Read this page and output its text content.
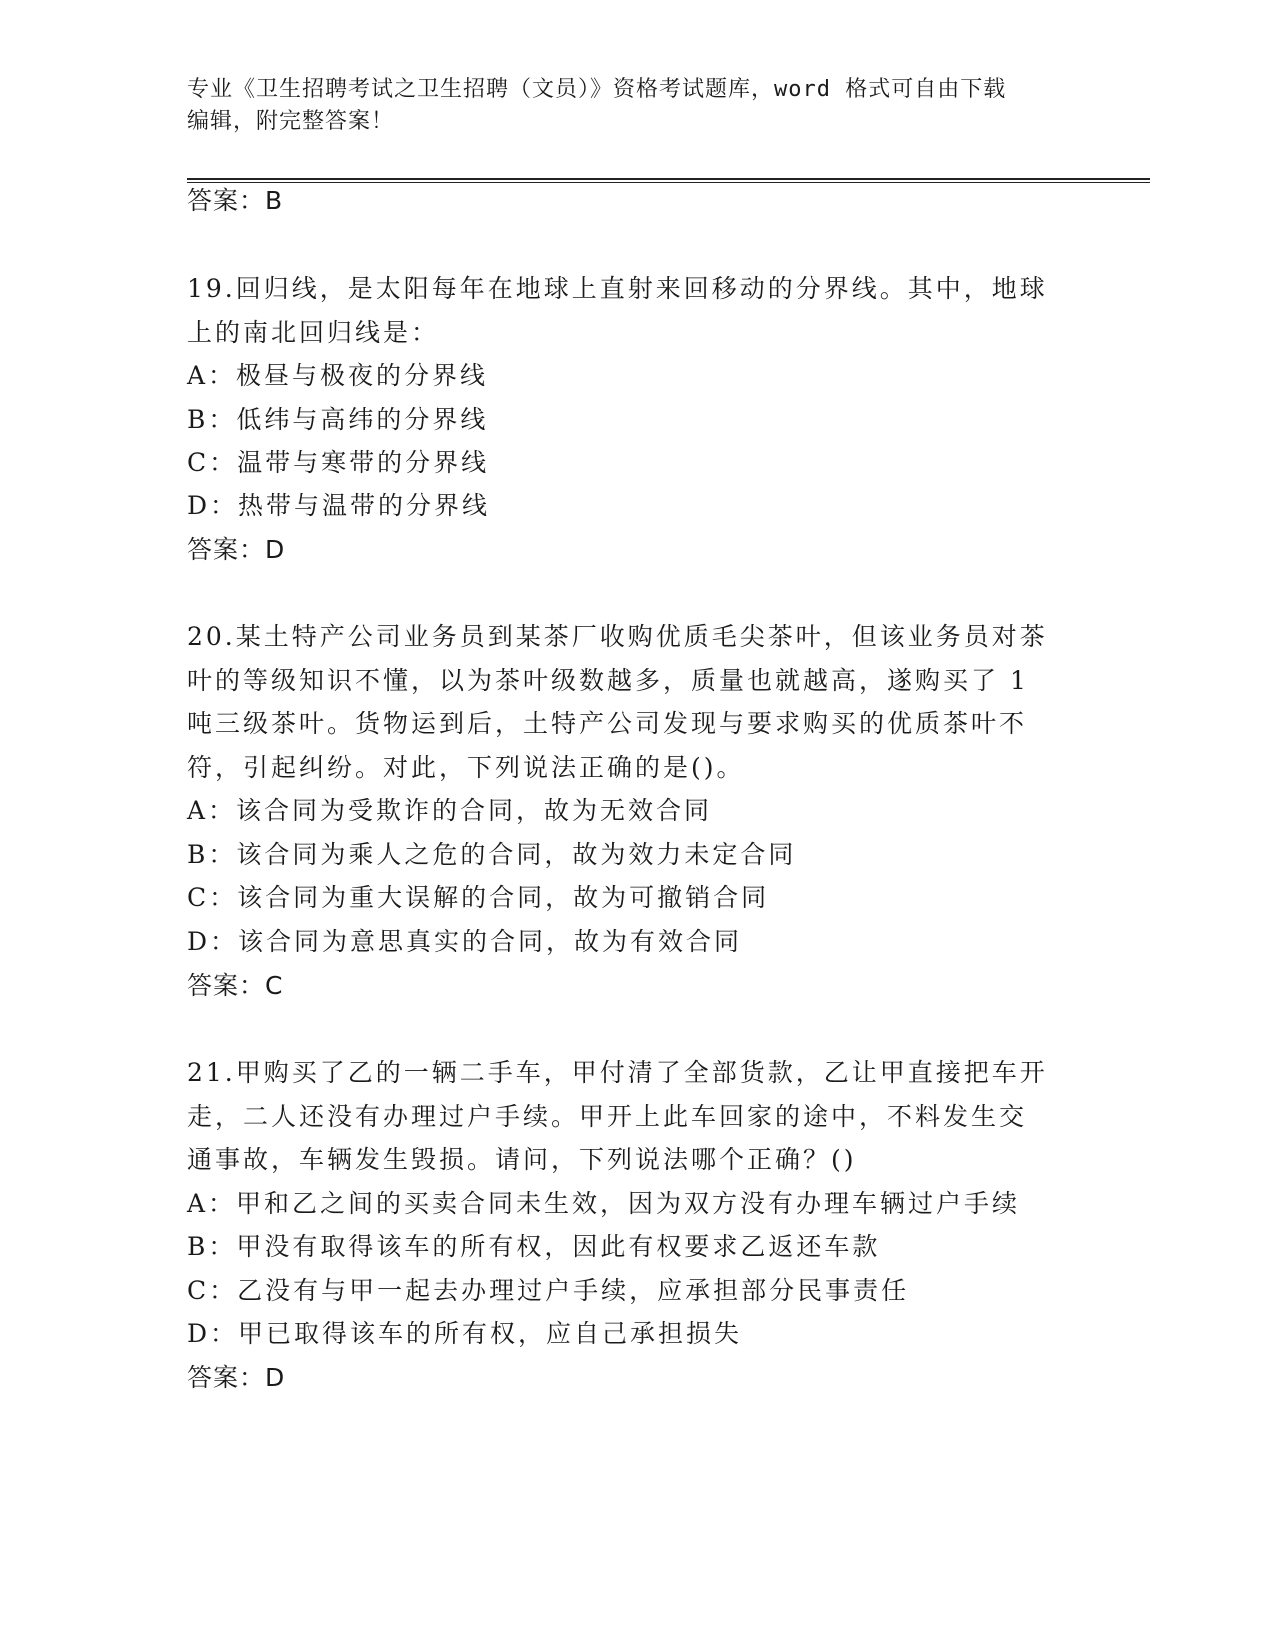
专业《卫生招聘考试之卫生招聘（文员）》资格考试题库，word 格式可自由下载
编辑，附完整答案！
答案：B
19.回归线，是太阳每年在地球上直射来回移动的分界线。其中，地球
上的南北回归线是：
A：极昼与极夜的分界线
B：低纬与高纬的分界线
C：温带与寒带的分界线
D：热带与温带的分界线
答案：D
20.某土特产公司业务员到某茶厂收购优质毛尖茶叶，但该业务员对茶
叶的等级知识不懂，以为茶叶级数越多，质量也就越高，遂购买了 1
吨三级茶叶。货物运到后，土特产公司发现与要求购买的优质茶叶不
符，引起纠纷。对此，下列说法正确的是()。
A：该合同为受欺诈的合同，故为无效合同
B：该合同为乘人之危的合同，故为效力未定合同
C：该合同为重大误解的合同，故为可撤销合同
D：该合同为意思真实的合同，故为有效合同
答案：C
21.甲购买了乙的一辆二手车，甲付清了全部货款，乙让甲直接把车开
走，二人还没有办理过户手续。甲开上此车回家的途中，不料发生交
通事故，车辆发生毁损。请问，下列说法哪个正确？()
A：甲和乙之间的买卖合同未生效，因为双方没有办理车辆过户手续
B：甲没有取得该车的所有权，因此有权要求乙返还车款
C：乙没有与甲一起去办理过户手续，应承担部分民事责任
D：甲已取得该车的所有权，应自己承担损失
答案：D
